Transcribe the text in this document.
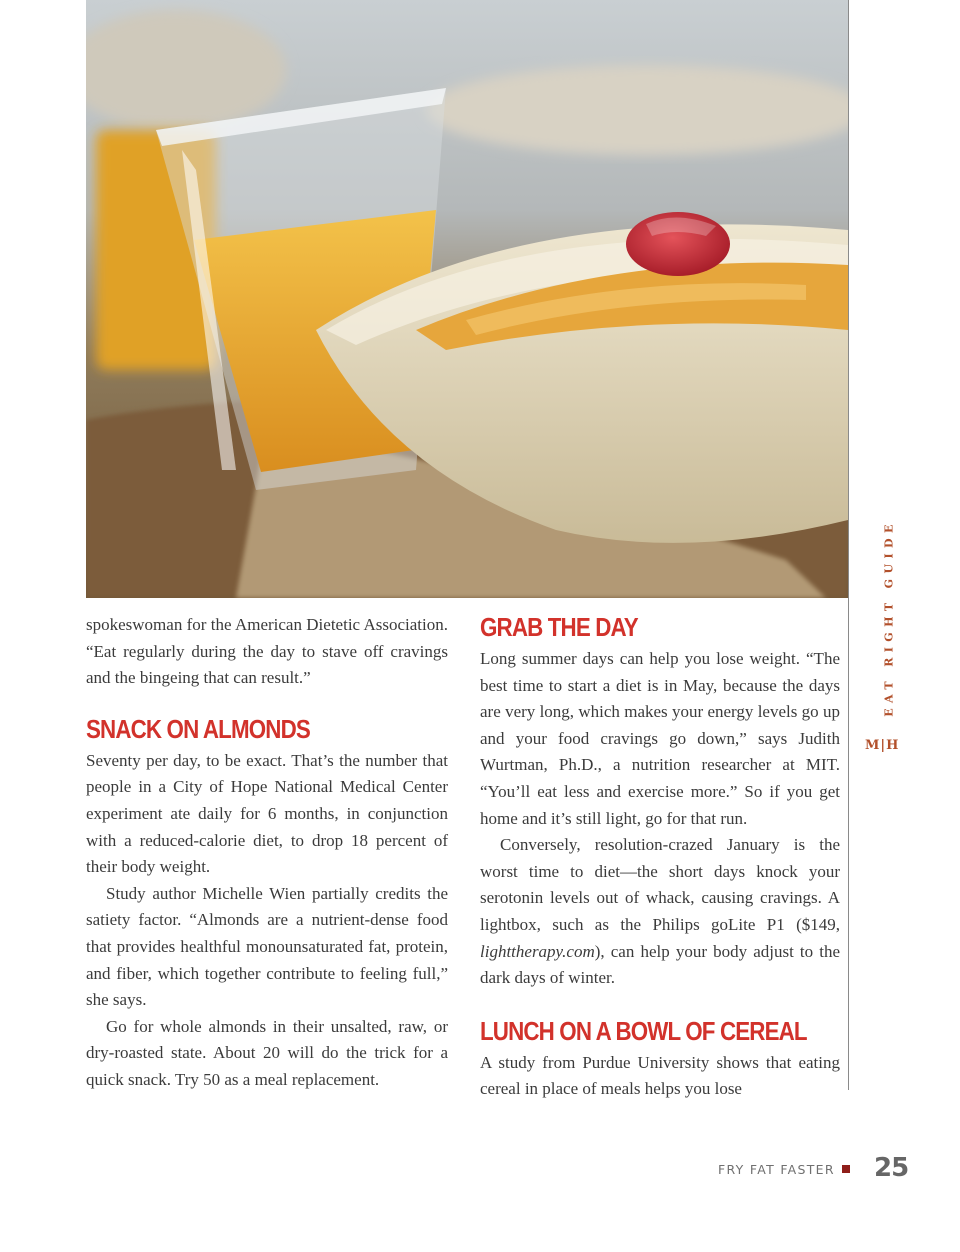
EAT RIGHT GUIDE
M|H

spokeswoman for the American Dietetic Association. “Eat regularly during the day to stave off cravings and the bingeing that can result.”

SNACK ON ALMONDS

Seventy per day, to be exact. That’s the number that people in a City of Hope National Medical Center experiment ate daily for 6 months, in conjunction with a reduced-calorie diet, to drop 18 percent of their body weight.

Study author Michelle Wien partially credits the satiety factor. “Almonds are a nutrient-dense food that provides healthful monounsaturated fat, protein, and fiber, which together contribute to feeling full,” she says.

Go for whole almonds in their unsalted, raw, or dry-roasted state. About 20 will do the trick for a quick snack. Try 50 as a meal replacement.

GRAB THE DAY

Long summer days can help you lose weight. “The best time to start a diet is in May, because the days are very long, which makes your energy levels go up and your food cravings go down,” says Judith Wurtman, Ph.D., a nutrition researcher at MIT. “You’ll eat less and exercise more.” So if you get home and it’s still light, go for that run.

Conversely, resolution-crazed January is the worst time to diet—the short days knock your serotonin levels out of whack, causing cravings. A lightbox, such as the Philips goLite P1 ($149, lighttherapy.com), can help your body adjust to the dark days of winter.

LUNCH ON A BOWL OF CEREAL

A study from Purdue University shows that eating cereal in place of meals helps you lose

FRY FAT FASTER 25
